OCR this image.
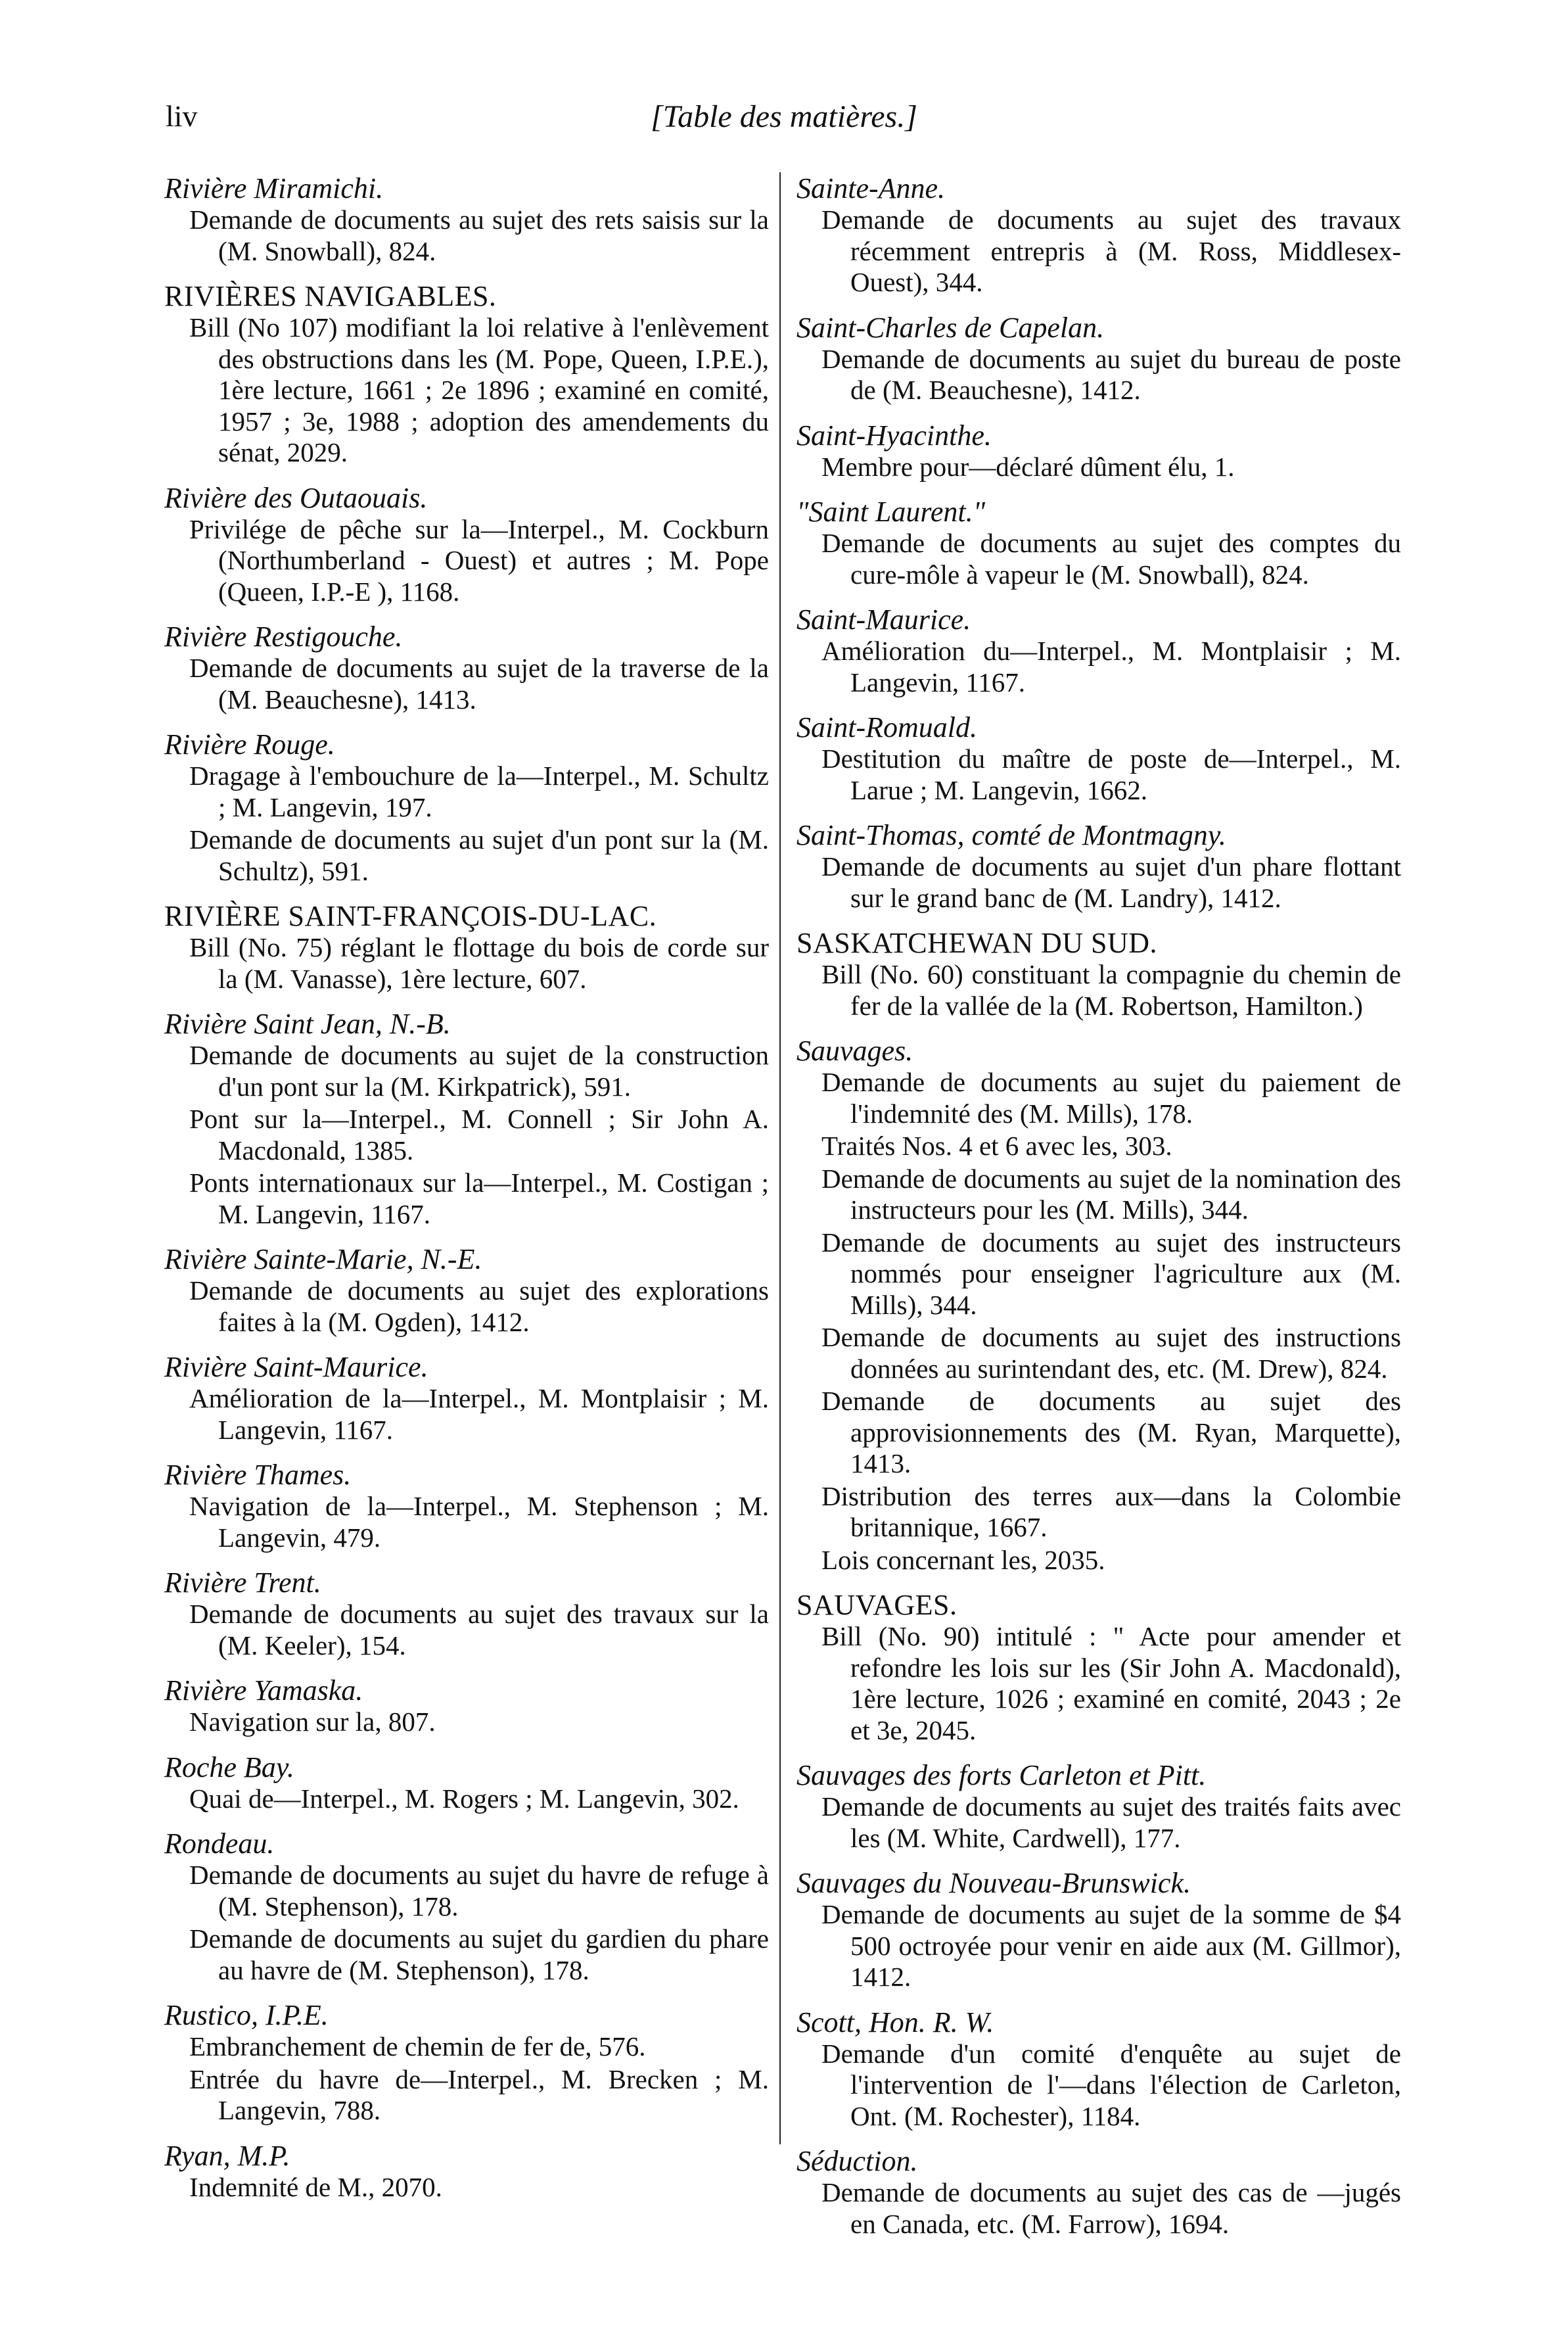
liv	[Table des matières.]
Rivière Miramichi.
Demande de documents au sujet des rets saisis sur la (M. Snowball), 824.
RIVIÈRES NAVIGABLES.
Bill (No 107) modifiant la loi relative à l'enlèvement des obstructions dans les (M. Pope, Queen, I.P.E.), 1ère lecture, 1661 ; 2e 1896 ; examiné en comité, 1957 ; 3e, 1988 ; adoption des amendements du sénat, 2029.
Rivière des Outaouais.
Privilége de pêche sur la—Interpel., M. Cockburn (Northumberland - Ouest) et autres ; M. Pope (Queen, I.P.-E ), 1168.
Rivière Restigouche.
Demande de documents au sujet de la traverse de la (M. Beauchesne), 1413.
Rivière Rouge.
Dragage à l'embouchure de la—Interpel., M. Schultz ; M. Langevin, 197.
Demande de documents au sujet d'un pont sur la (M. Schultz), 591.
RIVIÈRE SAINT-FRANÇOIS-DU-LAC.
Bill (No. 75) réglant le flottage du bois de corde sur la (M. Vanasse), 1ère lecture, 607.
Rivière Saint Jean, N.-B.
Demande de documents au sujet de la construction d'un pont sur la (M. Kirkpatrick), 591.
Pont sur la—Interpel., M. Connell ; Sir John A. Macdonald, 1385.
Ponts internationaux sur la—Interpel., M. Costigan ; M. Langevin, 1167.
Rivière Sainte-Marie, N.-E.
Demande de documents au sujet des explorations faites à la (M. Ogden), 1412.
Rivière Saint-Maurice.
Amélioration de la—Interpel., M. Montplaisir ; M. Langevin, 1167.
Rivière Thames.
Navigation de la—Interpel., M. Stephenson ; M. Langevin, 479.
Rivière Trent.
Demande de documents au sujet des travaux sur la (M. Keeler), 154.
Rivière Yamaska.
Navigation sur la, 807.
Roche Bay.
Quai de—Interpel., M. Rogers ; M. Langevin, 302.
Rondeau.
Demande de documents au sujet du havre de refuge à (M. Stephenson), 178.
Demande de documents au sujet du gardien du phare au havre de (M. Stephenson), 178.
Rustico, I.P.E.
Embranchement de chemin de fer de, 576.
Entrée du havre de—Interpel., M. Brecken ; M. Langevin, 788.
Ryan, M.P.
Indemnité de M., 2070.
Sainte-Anne.
Demande de documents au sujet des travaux récemment entrepris à (M. Ross, Middlesex-Ouest), 344.
Saint-Charles de Capelan.
Demande de documents au sujet du bureau de poste de (M. Beauchesne), 1412.
Saint-Hyacinthe.
Membre pour—déclaré dûment élu, 1.
"Saint Laurent."
Demande de documents au sujet des comptes du cure-môle à vapeur le (M. Snowball), 824.
Saint-Maurice.
Amélioration du—Interpel., M. Montplaisir ; M. Langevin, 1167.
Saint-Romuald.
Destitution du maître de poste de—Interpel., M. Larue ; M. Langevin, 1662.
Saint-Thomas, comté de Montmagny.
Demande de documents au sujet d'un phare flottant sur le grand banc de (M. Landry), 1412.
SASKATCHEWAN DU SUD.
Bill (No. 60) constituant la compagnie du chemin de fer de la vallée de la (M. Robertson, Hamilton.)
Sauvages.
Demande de documents au sujet du paiement de l'indemnité des (M. Mills), 178.
Traités Nos. 4 et 6 avec les, 303.
Demande de documents au sujet de la nomination des instructeurs pour les (M. Mills), 344.
Demande de documents au sujet des instructeurs nommés pour enseigner l'agriculture aux (M. Mills), 344.
Demande de documents au sujet des instructions données au surintendant des, etc. (M. Drew), 824.
Demande de documents au sujet des approvisionnements des (M. Ryan, Marquette), 1413.
Distribution des terres aux—dans la Colombie britannique, 1667.
Lois concernant les, 2035.
SAUVAGES.
Bill (No. 90) intitulé : " Acte pour amender et refondre les lois sur les (Sir John A. Macdonald), 1ère lecture, 1026 ; examiné en comité, 2043 ; 2e et 3e, 2045.
Sauvages des forts Carleton et Pitt.
Demande de documents au sujet des traités faits avec les (M. White, Cardwell), 177.
Sauvages du Nouveau-Brunswick.
Demande de documents au sujet de la somme de $4 500 octroyée pour venir en aide aux (M. Gillmor), 1412.
Scott, Hon. R. W.
Demande d'un comité d'enquête au sujet de l'intervention de l'—dans l'élection de Carleton, Ont. (M. Rochester), 1184.
Séduction.
Demande de documents au sujet des cas de —jugés en Canada, etc. (M. Farrow), 1694.
